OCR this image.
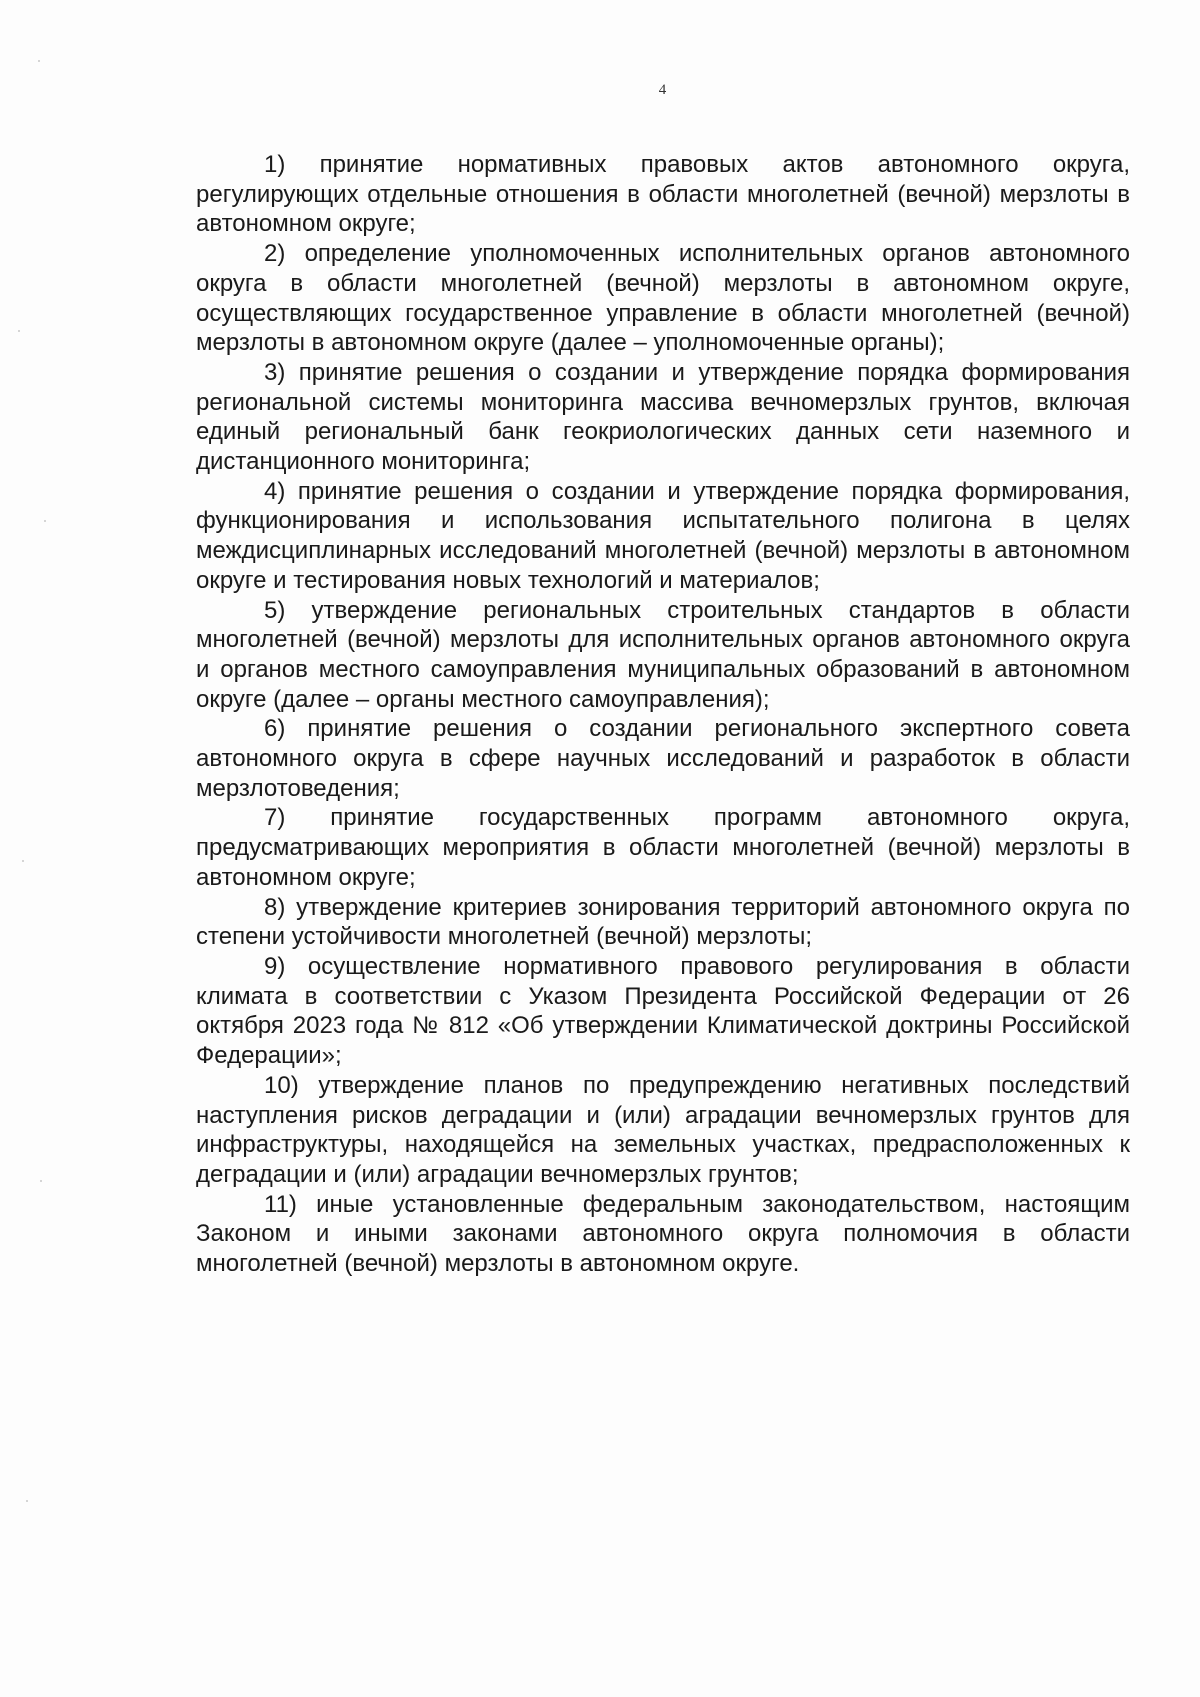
4

1) принятие нормативных правовых актов автономного округа, регулирующих отдельные отношения в области многолетней (вечной) мерзлоты в автономном округе;

2) определение уполномоченных исполнительных органов автономного округа в области многолетней (вечной) мерзлоты в автономном округе, осуществляющих государственное управление в области многолетней (вечной) мерзлоты в автономном округе (далее – уполномоченные органы);

3) принятие решения о создании и утверждение порядка формирования региональной системы мониторинга массива вечномерзлых грунтов, включая единый региональный банк геокриологических данных сети наземного и дистанционного мониторинга;

4) принятие решения о создании и утверждение порядка формирования, функционирования и использования испытательного полигона в целях междисциплинарных исследований многолетней (вечной) мерзлоты в автономном округе и тестирования новых технологий и материалов;

5) утверждение региональных строительных стандартов в области многолетней (вечной) мерзлоты для исполнительных органов автономного округа и органов местного самоуправления муниципальных образований в автономном округе (далее – органы местного самоуправления);

6) принятие решения о создании регионального экспертного совета автономного округа в сфере научных исследований и разработок в области мерзлотоведения;

7) принятие государственных программ автономного округа, предусматривающих мероприятия в области многолетней (вечной) мерзлоты в автономном округе;

8) утверждение критериев зонирования территорий автономного округа по степени устойчивости многолетней (вечной) мерзлоты;

9) осуществление нормативного правового регулирования в области климата в соответствии с Указом Президента Российской Федерации от 26 октября 2023 года № 812 «Об утверждении Климатической доктрины Российской Федерации»;

10) утверждение планов по предупреждению негативных последствий наступления рисков деградации и (или) аградации вечномерзлых грунтов для инфраструктуры, находящейся на земельных участках, предрасположенных к деградации и (или) аградации вечномерзлых грунтов;

11) иные установленные федеральным законодательством, настоящим Законом и иными законами автономного округа полномочия в области многолетней (вечной) мерзлоты в автономном округе.
